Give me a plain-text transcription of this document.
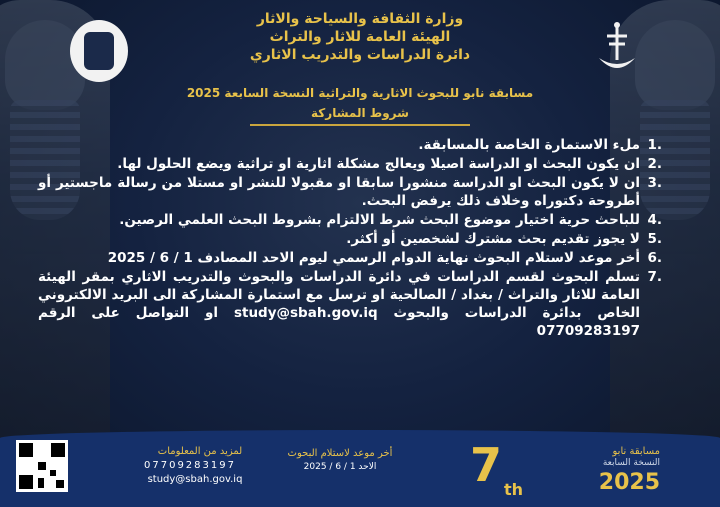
وزارة الثقافة والسياحة والاثار
الهيئة العامة للاثار والتراث
دائرة الدراسات والتدريب الاثاري
مسابقة نابو للبحوث الاثارية والتراثية النسخة السابعة 2025
شروط المشاركة
.1
ملء الاستمارة الخاصة بالمسابقة.
.2
ان يكون البحث او الدراسة اصيلا ويعالج مشكلة اثارية او تراثية ويضع الحلول لها.
.3
ان لا يكون البحث او الدراسة منشورا سابقا او مقبولا للنشر او مستلا من رسالة ماجستير أو أطروحة دكتوراه وخلاف ذلك يرفض البحث.
.4
للباحث حرية اختيار موضوع البحث شرط الالتزام بشروط البحث العلمي الرصين.
.5
لا يجوز تقديم بحث مشترك لشخصين أو أكثر.
.6
أخر موعد لاستلام البحوث نهاية الدوام الرسمي ليوم الاحد المصادف 1 / 6 / 2025
.7
تسلم البحوث لقسم الدراسات في دائرة الدراسات والبحوث والتدريب الاثاري بمقر الهيئة العامة للاثار والتراث / بغداد / الصالحية او ترسل مع استمارة المشاركة الى البريد الالكتروني الخاص بدائرة الدراسات والبحوث study@sbah.gov.iq او التواصل على الرقم 07709283197
لمزيد من المعلومات
07709283197
study@sbah.gov.iq
أخر موعد لاستلام البحوث
الاحد 1 / 6 / 2025	7 $^{th}$
مسابقة نابو
النسخة السابعة
2025
